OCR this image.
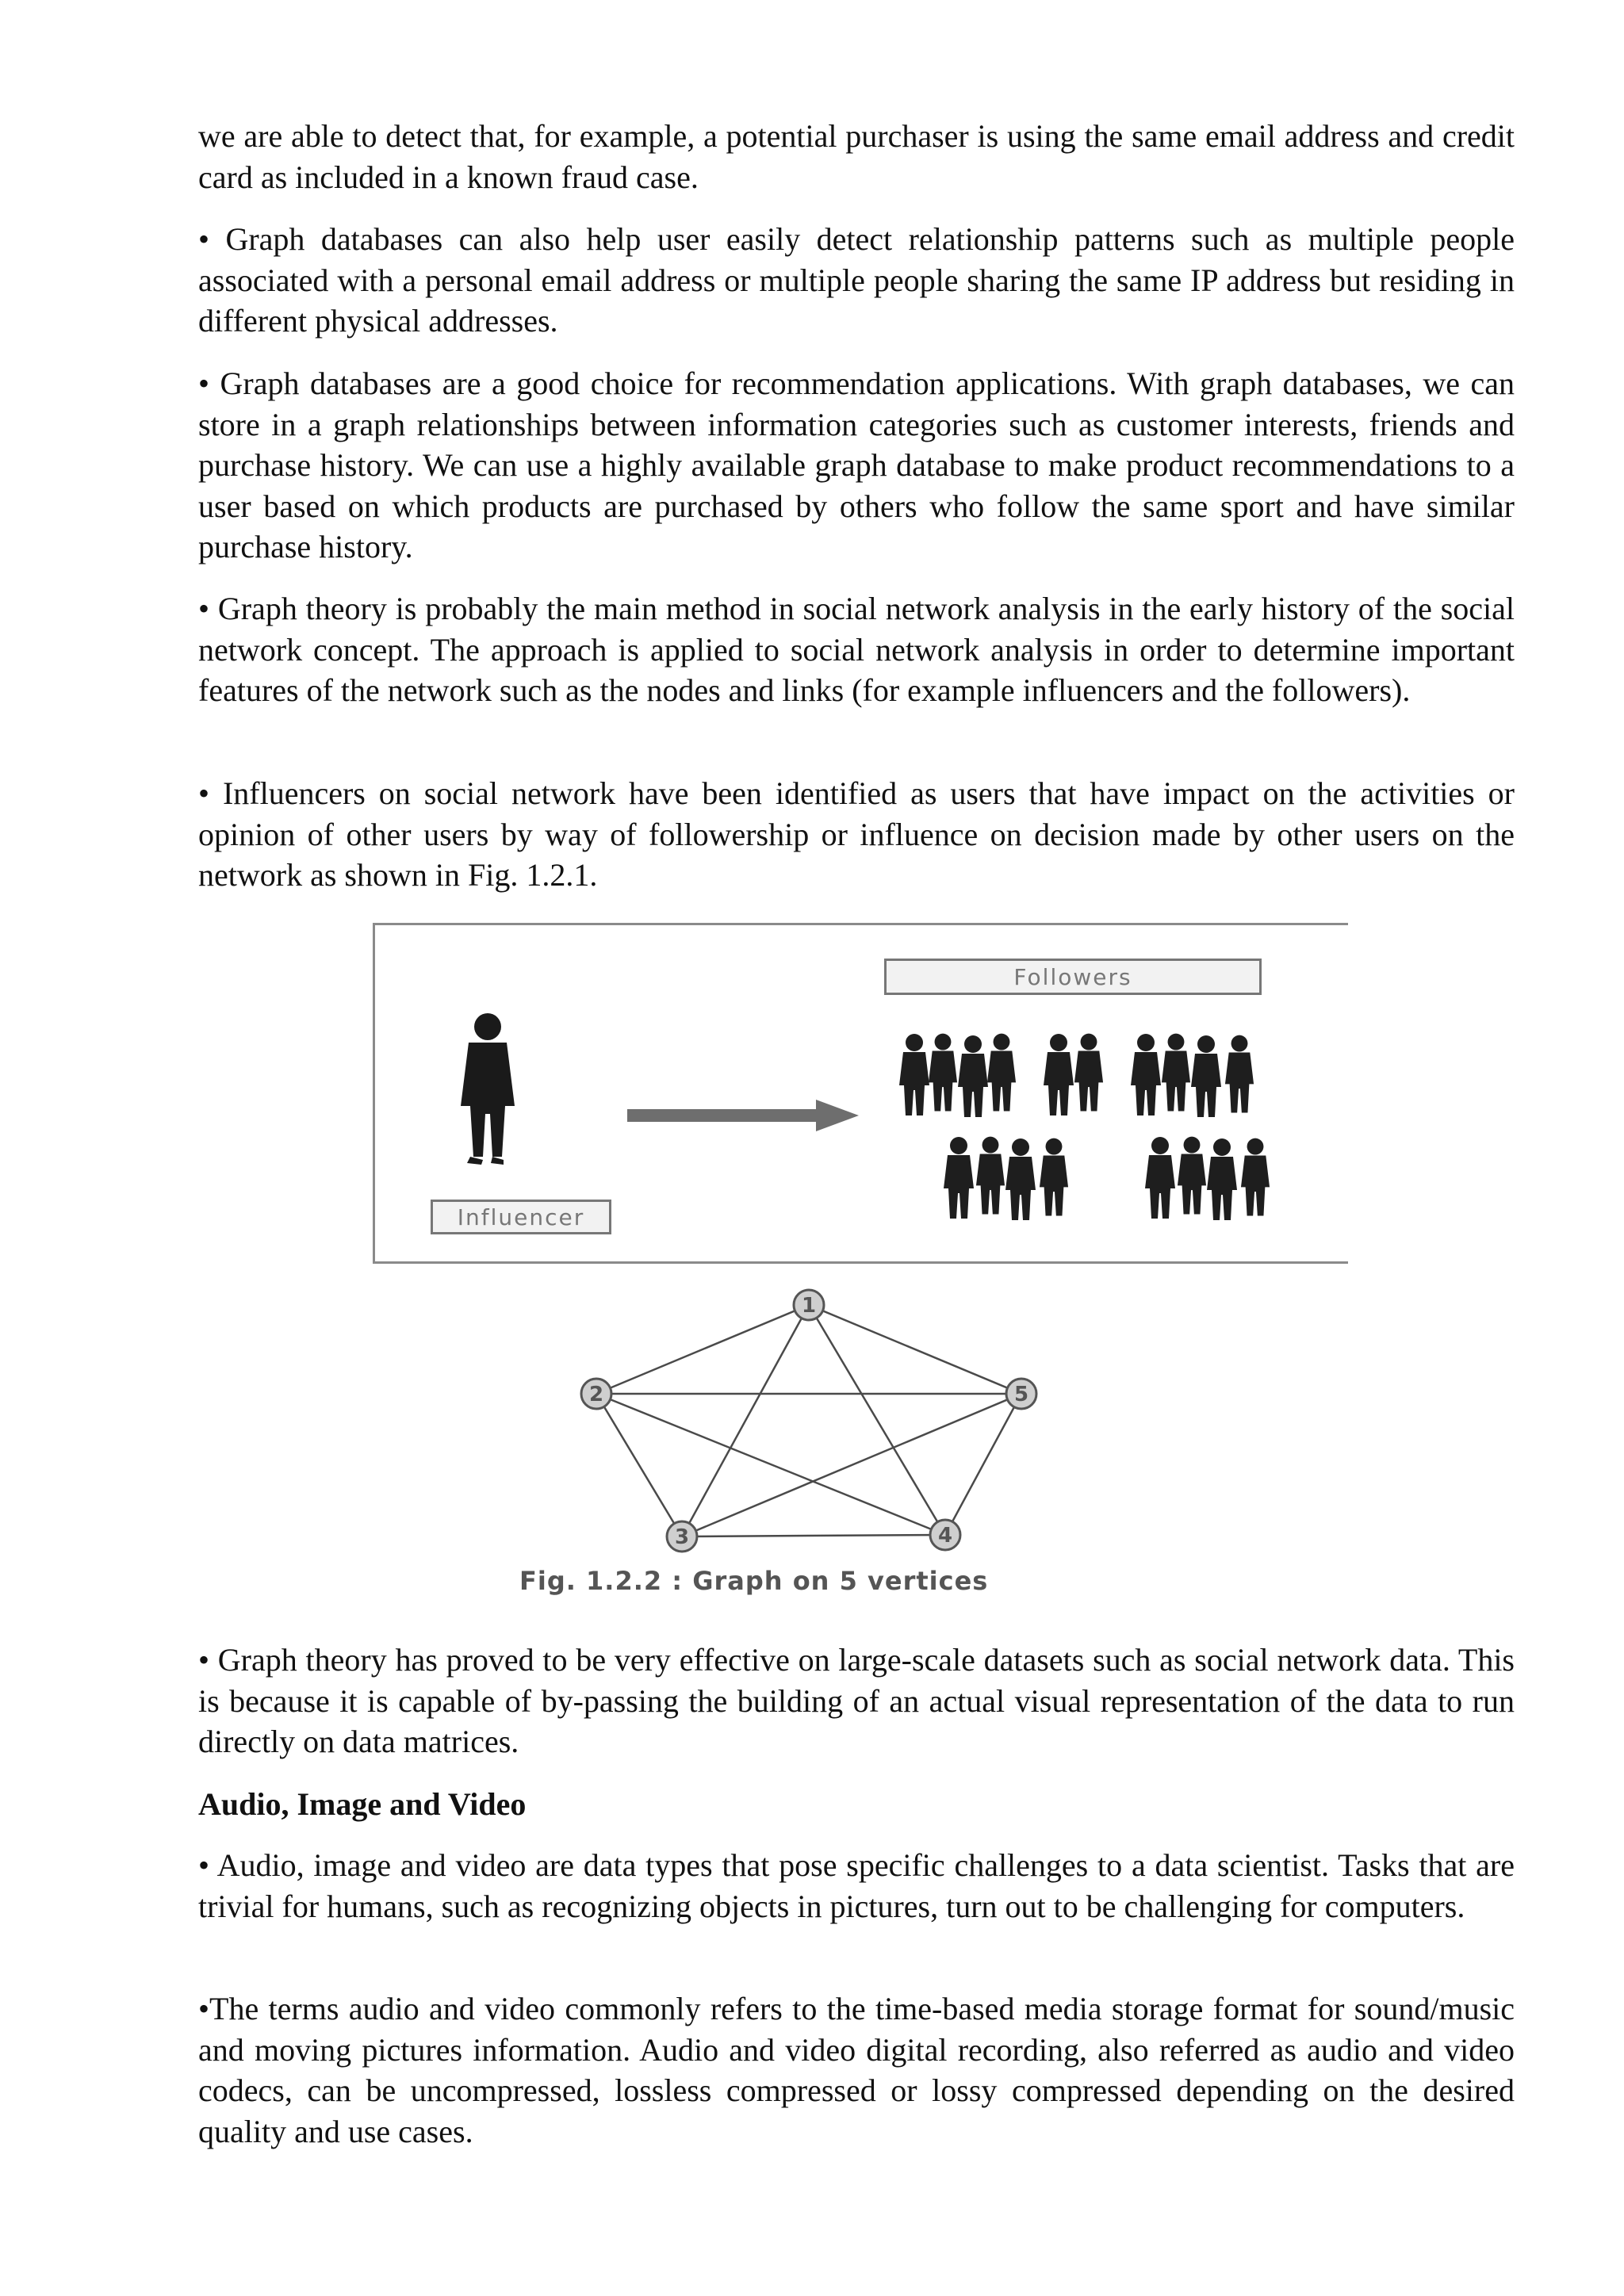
we are able to detect that, for example, a potential purchaser is using the same email address and credit card as included in a known fraud case.

• Graph databases can also help user easily detect relationship patterns such as multiple people associated with a personal email address or multiple people sharing the same IP address but residing in different physical addresses.

• Graph databases are a good choice for recommendation applications. With graph databases, we can store in a graph relationships between information categories such as customer interests, friends and purchase history. We can use a highly available graph database to make product recommendations to a user based on which products are purchased by others who follow the same sport and have similar purchase history.

• Graph theory is probably the main method in social network analysis in the early history of the social network concept. The approach is applied to social network analysis in order to determine important features of the network such as the nodes and links (for example influencers and the followers).

• Influencers on social network have been identified as users that have impact on the activities or opinion of other users by way of followership or influence on decision made by other users on the network as shown in Fig. 1.2.1.

Followers
Influencer
1
2
3	4
5
Fig. 1.2.2 : Graph on 5 vertices

• Graph theory has proved to be very effective on large-scale datasets such as social network data. This is because it is capable of by-passing the building of an actual visual representation of the data to run directly on data matrices.

Audio, Image and Video

• Audio, image and video are data types that pose specific challenges to a data scientist. Tasks that are trivial for humans, such as recognizing objects in pictures, turn out to be challenging for computers.

•The terms audio and video commonly refers to the time-based media storage format for sound/music and moving pictures information. Audio and video digital recording, also referred as audio and video codecs, can be uncompressed, lossless compressed or lossy compressed depending on the desired quality and use cases.
